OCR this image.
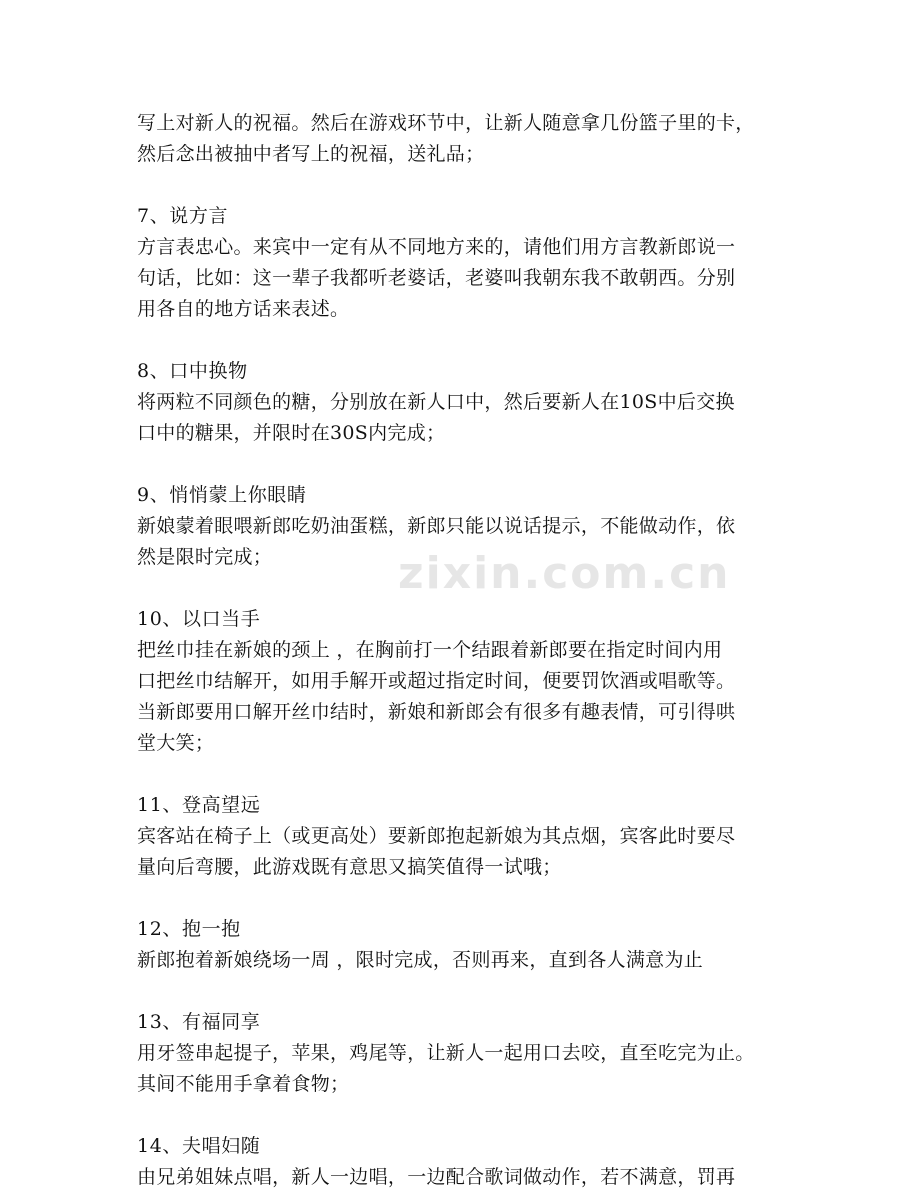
zixin.com.cn
写上对新人的祝福。然后在游戏环节中，让新人随意拿几份篮子里的卡，
然后念出被抽中者写上的祝福，送礼品；
7、说方言
方言表忠心。来宾中一定有从不同地方来的，请他们用方言教新郎说一
句话，比如：这一辈子我都听老婆话，老婆叫我朝东我不敢朝西。分别
用各自的地方话来表述。
8、口中换物
将两粒不同颜色的糖，分别放在新人口中，然后要新人在10S中后交换
口中的糖果，并限时在30S内完成；
9、悄悄蒙上你眼睛
新娘蒙着眼喂新郎吃奶油蛋糕，新郎只能以说话提示，不能做动作，依
然是限时完成；
10、以口当手
把丝巾挂在新娘的颈上 ，在胸前打一个结跟着新郎要在指定时间内用
口把丝巾结解开，如用手解开或超过指定时间，便要罚饮酒或唱歌等。
当新郎要用口解开丝巾结时，新娘和新郎会有很多有趣表情，可引得哄
堂大笑；
11、登高望远
宾客站在椅子上（或更高处）要新郎抱起新娘为其点烟，宾客此时要尽
量向后弯腰，此游戏既有意思又搞笑值得一试哦；
12、抱一抱
新郎抱着新娘绕场一周 ，限时完成，否则再来，直到各人满意为止
13、有福同享
用牙签串起提子，苹果，鸡尾等，让新人一起用口去咬，直至吃完为止。
其间不能用手拿着食物；
14、夫唱妇随
由兄弟姐妹点唱，新人一边唱，一边配合歌词做动作，若不满意，罚再
